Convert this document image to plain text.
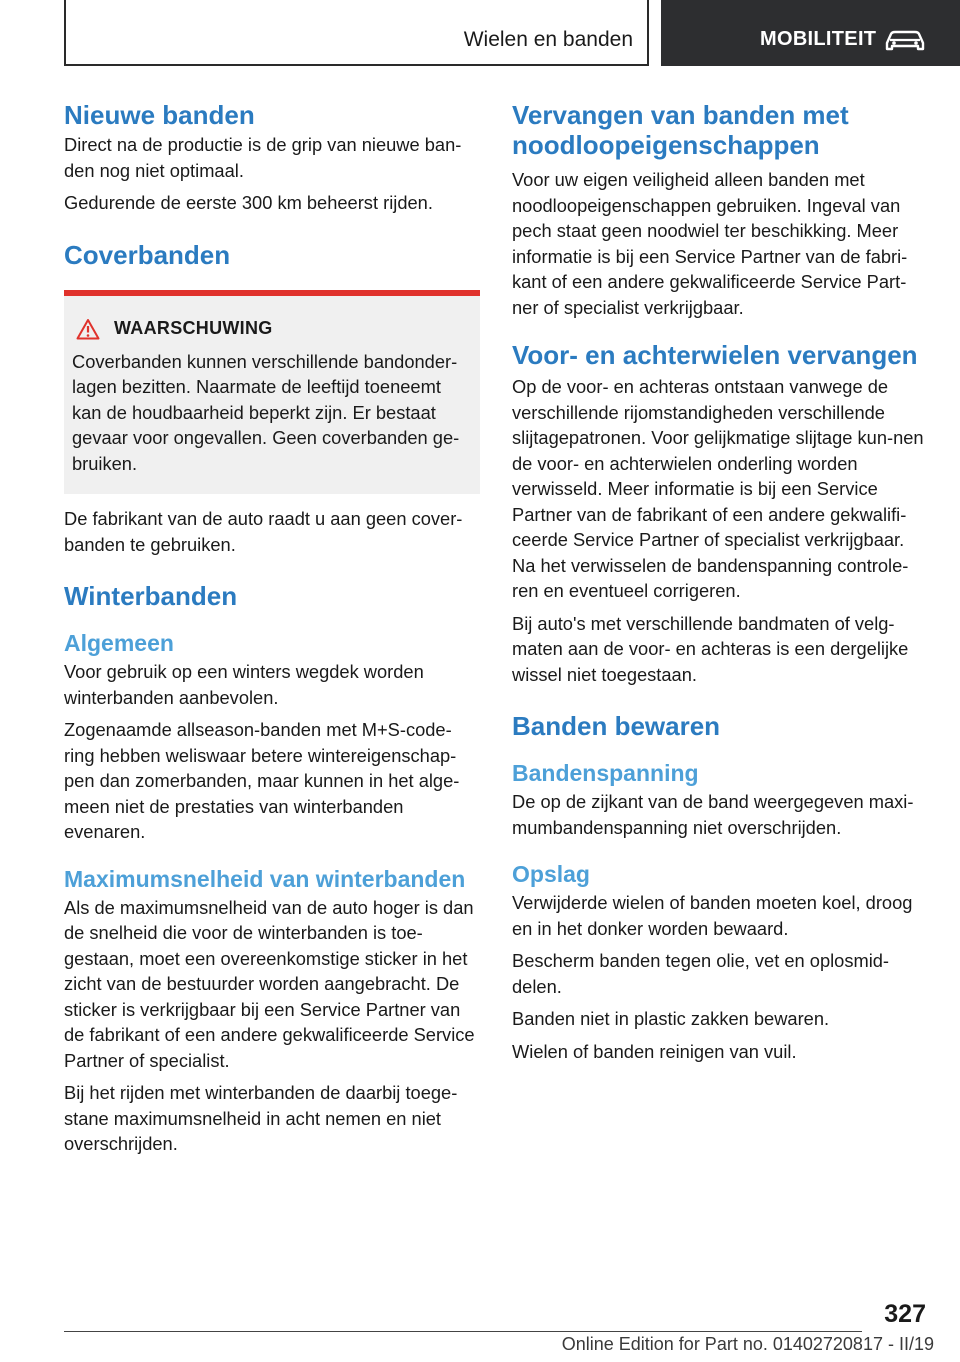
Wielen en banden	MOBILITEIT
Nieuwe banden

Direct na de productie is de grip van nieuwe ban-den nog niet optimaal.

Gedurende de eerste 300 km beheerst rijden.

Coverbanden
WAARSCHUWING

Coverbanden kunnen verschillende bandonder-lagen bezitten. Naarmate de leeftijd toeneemt kan de houdbaarheid beperkt zijn. Er bestaat gevaar voor ongevallen. Geen coverbanden ge-bruiken.

De fabrikant van de auto raadt u aan geen cover-banden te gebruiken.

Winterbanden
Algemeen

Voor gebruik op een winters wegdek worden winterbanden aanbevolen.

Zogenaamde allseason-banden met M+S-code-ring hebben weliswaar betere wintereigenschap-pen dan zomerbanden, maar kunnen in het alge-meen niet de prestaties van winterbanden evenaren.

Maximumsnelheid van winterbanden

Als de maximumsnelheid van de auto hoger is dan de snelheid die voor de winterbanden is toe-gestaan, moet een overeenkomstige sticker in het zicht van de bestuurder worden aangebracht. De sticker is verkrijgbaar bij een Service Partner van de fabrikant of een andere gekwalificeerde Service Partner of specialist.

Bij het rijden met winterbanden de daarbij toege-stane maximumsnelheid in acht nemen en niet overschrijden.

Vervangen van banden met noodloopeigenschappen

Voor uw eigen veiligheid alleen banden met noodloopeigenschappen gebruiken. Ingeval van pech staat geen noodwiel ter beschikking. Meer informatie is bij een Service Partner van de fabri-kant of een andere gekwalificeerde Service Part-ner of specialist verkrijgbaar.

Voor- en achterwielen vervangen

Op de voor- en achteras ontstaan vanwege de verschillende rijomstandigheden verschillende slijtagepatronen. Voor gelijkmatige slijtage kun-nen de voor- en achterwielen onderling worden verwisseld. Meer informatie is bij een Service Partner van de fabrikant of een andere gekwalifi-ceerde Service Partner of specialist verkrijgbaar. Na het verwisselen de bandenspanning controle-ren en eventueel corrigeren.

Bij auto's met verschillende bandmaten of velg-maten aan de voor- en achteras is een dergelijke wissel niet toegestaan.

Banden bewaren
Bandenspanning

De op de zijkant van de band weergegeven maxi-mumbandenspanning niet overschrijden.

Opslag

Verwijderde wielen of banden moeten koel, droog en in het donker worden bewaard.

Bescherm banden tegen olie, vet en oplosmid-delen.

Banden niet in plastic zakken bewaren.

Wielen of banden reinigen van vuil.

327
Online Edition for Part no. 01402720817 - II/19
